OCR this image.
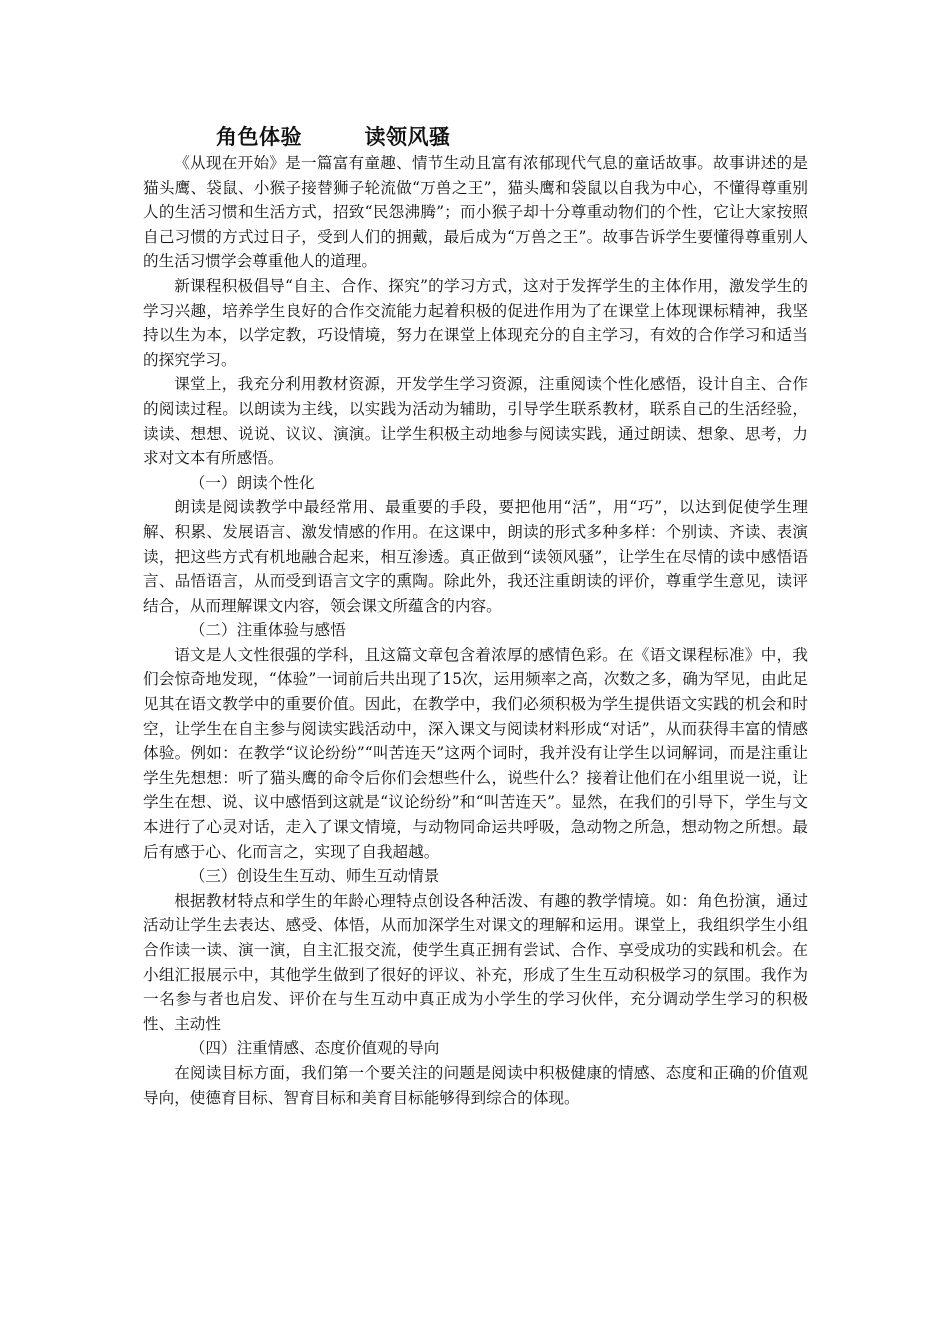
角色体验	读领风骚

《从现在开始》是一篇富有童趣、情节生动且富有浓郁现代气息的童话故事。故事讲述的是猫头鹰、袋鼠、小猴子接替狮子轮流做“万兽之王”，猫头鹰和袋鼠以自我为中心，不懂得尊重别人的生活习惯和生活方式，招致“民怨沸腾”；而小猴子却十分尊重动物们的个性，它让大家按照自己习惯的方式过日子，受到人们的拥戴，最后成为“万兽之王”。故事告诉学生要懂得尊重别人的生活习惯学会尊重他人的道理。

新课程积极倡导“自主、合作、探究”的学习方式，这对于发挥学生的主体作用，激发学生的学习兴趣，培养学生良好的合作交流能力起着积极的促进作用为了在课堂上体现课标精神，我坚持以生为本，以学定教，巧设情境，努力在课堂上体现充分的自主学习，有效的合作学习和适当的探究学习。

课堂上，我充分利用教材资源，开发学生学习资源，注重阅读个性化感悟，设计自主、合作的阅读过程。以朗读为主线，以实践为活动为辅助，引导学生联系教材，联系自己的生活经验，读读、想想、说说、议议、演演。让学生积极主动地参与阅读实践，通过朗读、想象、思考，力求对文本有所感悟。

（一）朗读个性化

朗读是阅读教学中最经常用、最重要的手段，要把他用“活”，用“巧”，以达到促使学生理解、积累、发展语言、激发情感的作用。在这课中，朗读的形式多种多样：个别读、齐读、表演读，把这些方式有机地融合起来，相互渗透。真正做到“读领风骚”，让学生在尽情的读中感悟语言、品悟语言，从而受到语言文字的熏陶。除此外，我还注重朗读的评价，尊重学生意见，读评结合，从而理解课文内容，领会课文所蕴含的内容。

（二）注重体验与感悟

语文是人文性很强的学科，且这篇文章包含着浓厚的感情色彩。在《语文课程标准》中，我们会惊奇地发现，“体验”一词前后共出现了15次，运用频率之高，次数之多，确为罕见，由此足见其在语文教学中的重要价值。因此，在教学中，我们必须积极为学生提供语文实践的机会和时空，让学生在自主参与阅读实践活动中，深入课文与阅读材料形成“对话”，从而获得丰富的情感体验。例如：在教学“议论纷纷”“叫苦连天”这两个词时，我并没有让学生以词解词，而是注重让学生先想想：听了猫头鹰的命令后你们会想些什么，说些什么？接着让他们在小组里说一说，让学生在想、说、议中感悟到这就是“议论纷纷”和“叫苦连天”。显然，在我们的引导下，学生与文本进行了心灵对话，走入了课文情境，与动物同命运共呼吸，急动物之所急，想动物之所想。最后有感于心、化而言之，实现了自我超越。

（三）创设生生互动、师生互动情景

根据教材特点和学生的年龄心理特点创设各种活泼、有趣的教学情境。如：角色扮演，通过活动让学生去表达、感受、体悟，从而加深学生对课文的理解和运用。课堂上，我组织学生小组合作读一读、演一演，自主汇报交流，使学生真正拥有尝试、合作、享受成功的实践和机会。在小组汇报展示中，其他学生做到了很好的评议、补充，形成了生生互动积极学习的氛围。我作为一名参与者也启发、评价在与生互动中真正成为小学生的学习伙伴，充分调动学生学习的积极性、主动性

（四）注重情感、态度价值观的导向

在阅读目标方面，我们第一个要关注的问题是阅读中积极健康的情感、态度和正确的价值观导向，使德育目标、智育目标和美育目标能够得到综合的体现。
